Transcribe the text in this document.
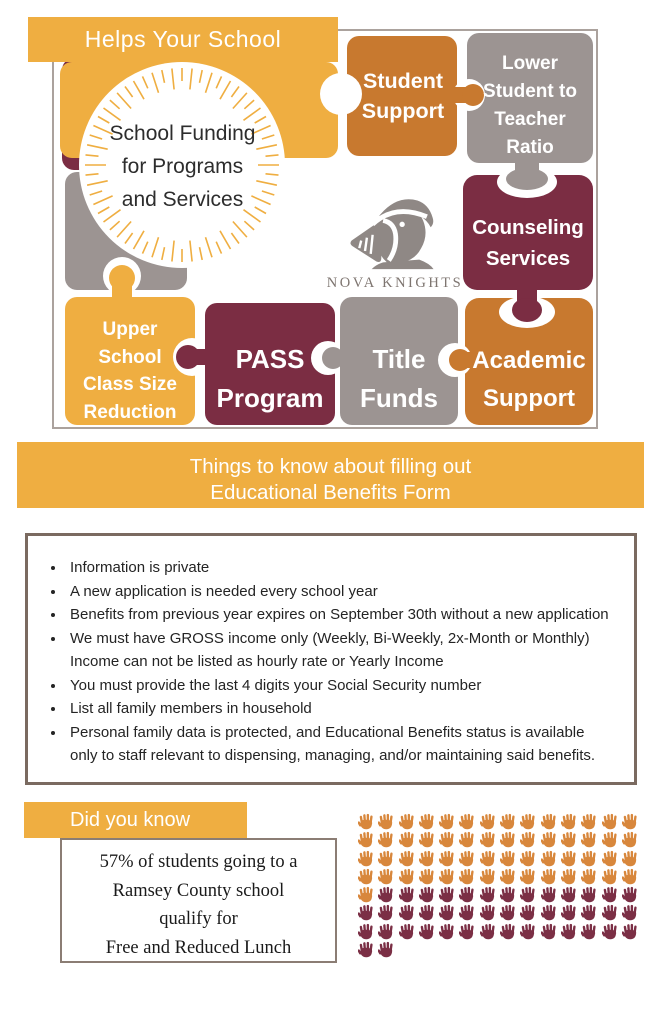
Helps Your School
School Funding
for Programs
and Services
Student
Support
Lower
Student to
Teacher
Ratio
Counseling
Services
Upper
School
Class Size
Reduction
PASS
Program
Title
Funds
Academic
Support
NOVA KNIGHTS
Things to know about filling out
Educational Benefits Form
• Information is private
• A new application is needed every school year
• Benefits from previous year expires on September 30th without a new application
• We must have GROSS income only (Weekly, Bi-Weekly, 2x-Month or Monthly) Income can not be listed as hourly rate or Yearly Income
• You must provide the last 4 digits your Social Security number
• List all family members in household
• Personal family data is protected, and Educational Benefits status is available only to staff relevant to dispensing, managing, and/or maintaining said benefits.
Did you know
57% of students going to a
Ramsey County school
qualify for
Free and Reduced Lunch
